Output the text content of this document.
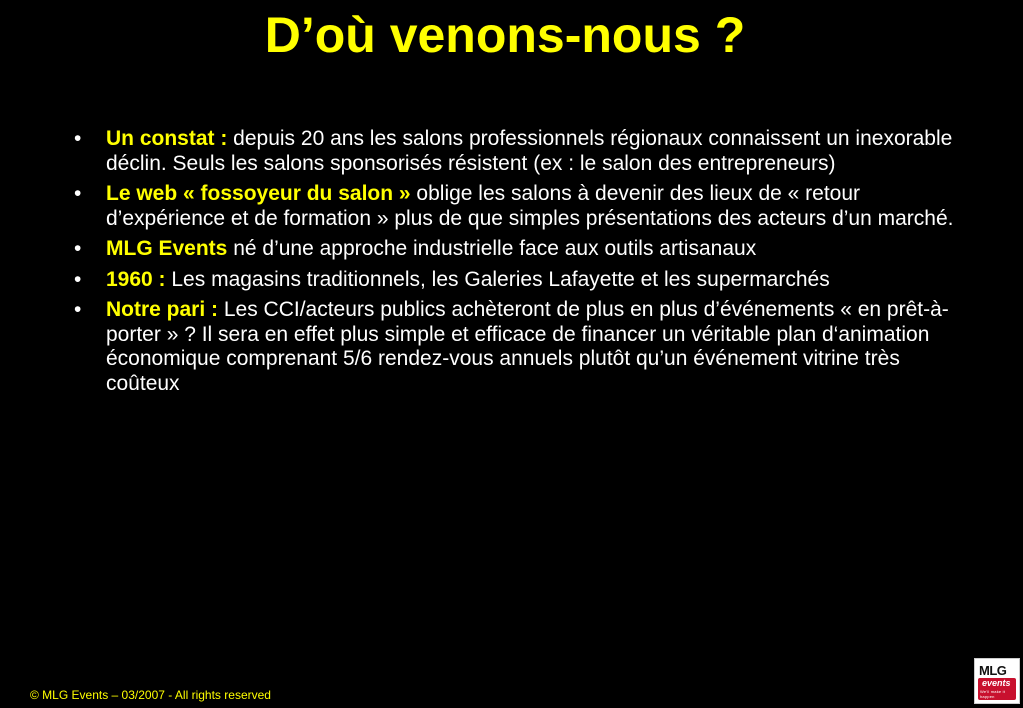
D’où venons-nous ?
• Un constat : depuis 20 ans les salons professionnels régionaux connaissent un inexorable déclin. Seuls les salons sponsorisés résistent (ex : le salon des entrepreneurs)
• Le web « fossoyeur du salon » oblige les salons à devenir des lieux de « retour d’expérience et de formation » plus de que simples présentations des acteurs d’un marché.
• MLG Events né d’une approche industrielle face aux outils artisanaux
• 1960 : Les magasins traditionnels, les Galeries Lafayette et les supermarchés
• Notre pari : Les CCI/acteurs publics achèteront de plus en plus d’événements « en prêt-à-porter » ? Il sera en effet plus simple et efficace de financer un véritable plan d‘animation économique comprenant 5/6 rendez-vous annuels plutôt qu’un événement vitrine très coûteux
© MLG Events – 03/2007 - All rights reserved
MLG
events
We'll make it happen
